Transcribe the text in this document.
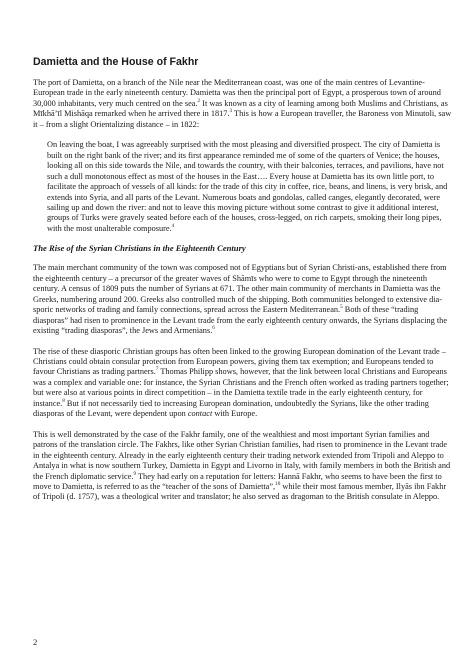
Damietta and the House of Fakhr

The port of Damietta, on a branch of the Nile near the Mediterranean coast, was one of the main centres of Levantine-European trade in the early nineteenth century. Damietta was then the principal port of Egypt, a prosperous town of around 30,000 inhabitants, very much centred on the sea.$^2$ It was known as a city of learning among both Muslims and Christians, as Mīkhā’īl Mishāqa remarked when he arrived there in 1817.$^3$ This is how a European traveller, the Baroness von Minutoli, saw it – from a slight Orientalizing distance – in 1822:

On leaving the boat, I was agreeably surprised with the most pleasing and diversified prospect. The city of Damietta is built on the right bank of the river; and its first appearance reminded me of some of the quarters of Venice; the houses, looking all on this side towards the Nile, and towards the country, with their balconies, terraces, and pavilions, have not such a dull monotonous effect as most of the houses in the East…. Every house at Damietta has its own little port, to facilitate the approach of vessels of all kinds: for the trade of this city in coffee, rice, beans, and linens, is very brisk, and extends into Syria, and all parts of the Levant. Numerous boats and gondolas, called canges, elegantly decorated, were sailing up and down the river: and not to leave this moving picture without some contrast to give it additional interest, groups of Turks were gravely seated before each of the houses, cross-legged, on rich carpets, smoking their long pipes, with the most unalterable composure.$^4$
The Rise of the Syrian Christians in the Eighteenth Century

The main merchant community of the town was composed not of Egyptians but of Syrian Christi-ans, established there from the eighteenth century – a precursor of the greater waves of Shāmīs who were to come to Egypt through the nineteenth century. A census of 1809 puts the number of Syrians at 671. The other main community of merchants in Damietta was the Greeks, numbering around 200. Greeks also controlled much of the shipping. Both communities belonged to extensive dia-sporic networks of trading and family connections, spread across the Eastern Mediterranean.$^5$ Both of these “trading diasporas” had risen to prominence in the Levant trade from the early eighteenth century onwards, the Syrians displacing the existing “trading diasporas”, the Jews and Armenians.$^6$

The rise of these diasporic Christian groups has often been linked to the growing European domination of the Levant trade – Christians could obtain consular protection from European powers, giving them tax exemption; and Europeans tended to favour Christians as trading partners.$^7$ Thomas Philipp shows, however, that the link between local Christians and Europeans was a complex and variable one: for instance, the Syrian Christians and the French often worked as trading partners together; but were also at various points in direct competition – in the Damietta textile trade in the early eighteenth century, for instance.$^8$ But if not necessarily tied to increasing European domination, undoubtedly the Syrians, like the other trading diasporas of the Levant, were dependent upon contact with Europe.

This is well demonstrated by the case of the Fakhr family, one of the wealthiest and most important Syrian families and patrons of the translation circle. The Fakhrs, like other Syrian Christian families, had risen to prominence in the Levant trade in the eighteenth century. Already in the early eighteenth century their trading network extended from Tripoli and Aleppo to Antalya in what is now southern Turkey, Damietta in Egypt and Livorno in Italy, with family members in both the British and the French diplomatic service.$^9$ They had early on a reputation for letters: Hannā Fakhr, who seems to have been the first to move to Damietta, is referred to as the “teacher of the sons of Damietta”,$^{10}$ while their most famous member, Ilyās ibn Fakhr of Tripoli (d. 1757), was a theological writer and translator; he also served as dragoman to the British consulate in Aleppo.

2
